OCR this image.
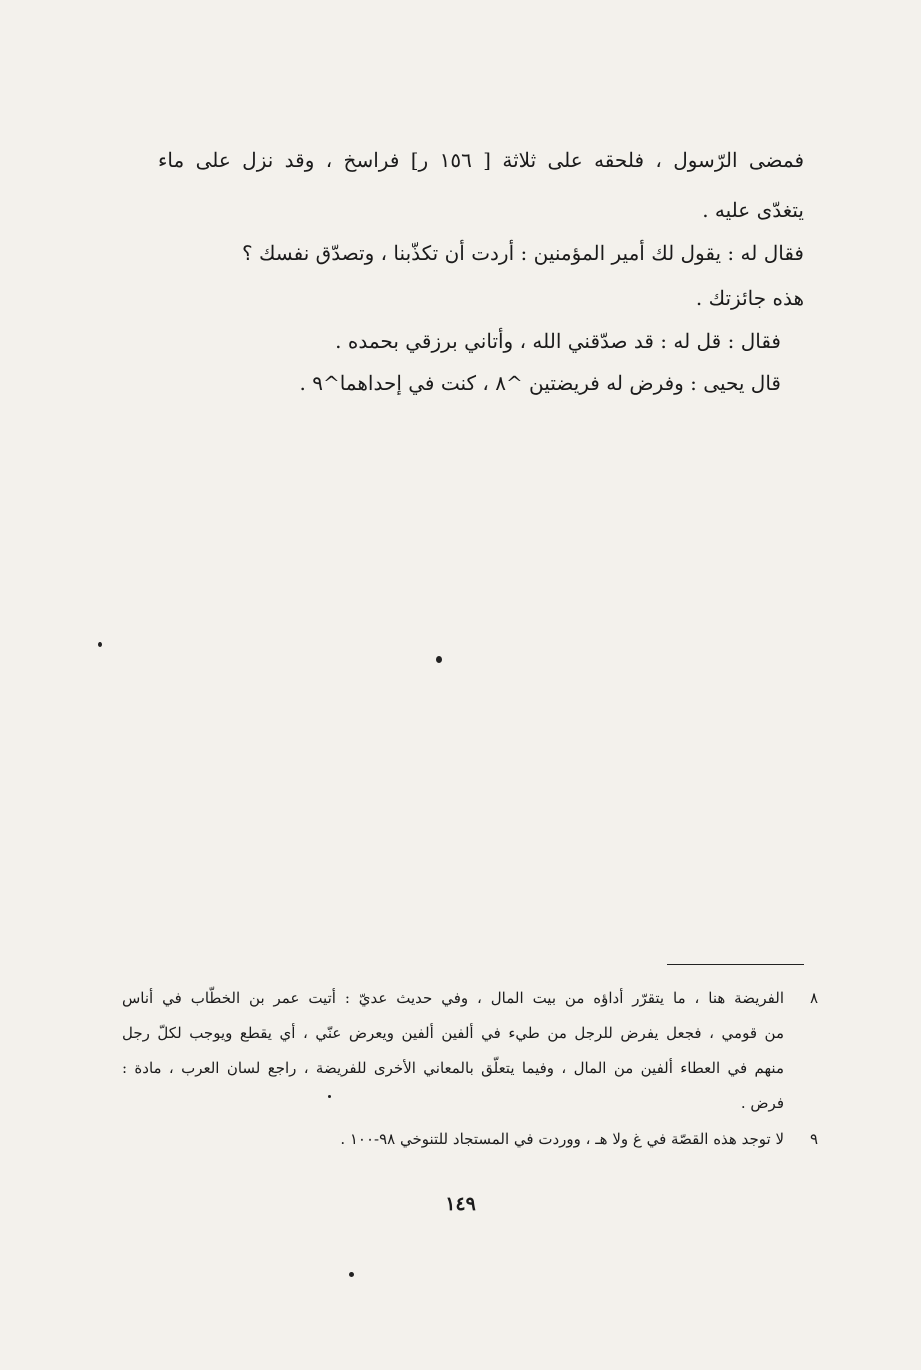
فمضى الرّسول ، فلحقه على ثلاثة [ ١٥٦ ر] فراسخ ، وقد نزل على ماء
يتغدّى عليه .
فقال له : يقول لك أمير المؤمنين : أردت أن تكذّبنا ، وتصدّق نفسك ؟
هذه جائزتك .
فقال : قل له : قد صدّقني الله ، وأتاني برزقي بحمده .
قال يحيى : وفرض له فريضتين ^٨ ، كنت في إحداهما^٩ .
٨
الفريضة هنا ، ما يتقرّر أداؤه من بيت المال ، وفي حديث عديّ : أتيت عمر بن الخطّاب في أناس
من قومي ، فجعل يفرض للرجل من طيء في ألفين ألفين ويعرض عنّي ، أي يقطع ويوجب لكلّ رجل
منهم في العطاء ألفين من المال ، وفيما يتعلّق بالمعاني الأخرى للفريضة ، راجع لسان العرب ، مادة :
فرض .
٩
لا توجد هذه القصّة في غ ولا هـ ، ووردت في المستجاد للتنوخي ٩٨-١٠٠ .
١٤٩
